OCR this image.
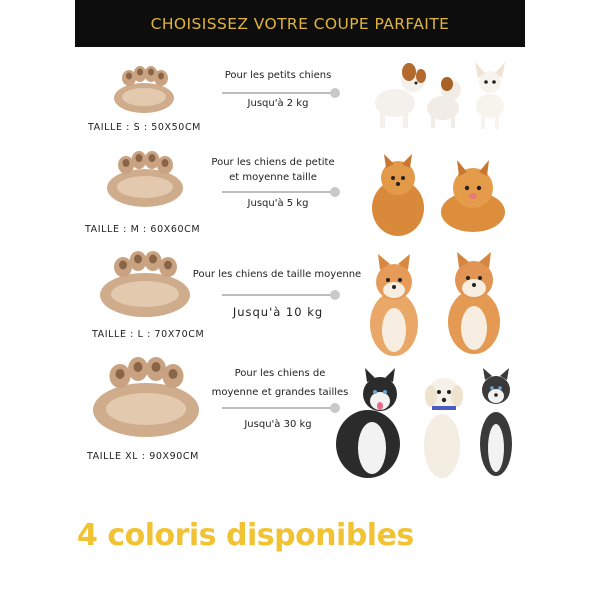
CHOISISSEZ VOTRE COUPE PARFAITE
TAILLE : S : 50X50CM
Pour les petits chiens
Jusqu'à 2 kg
TAILLE : M : 60X60CM
Pour les chiens de petite
et moyenne taille
Jusqu'à 5 kg
TAILLE : L : 70X70CM
Pour les chiens de taille moyenne
Jusqu'à 10 kg
TAILLE XL : 90X90CM
Pour les chiens de
moyenne et grandes tailles
Jusqu'à 30 kg
4 coloris disponibles
